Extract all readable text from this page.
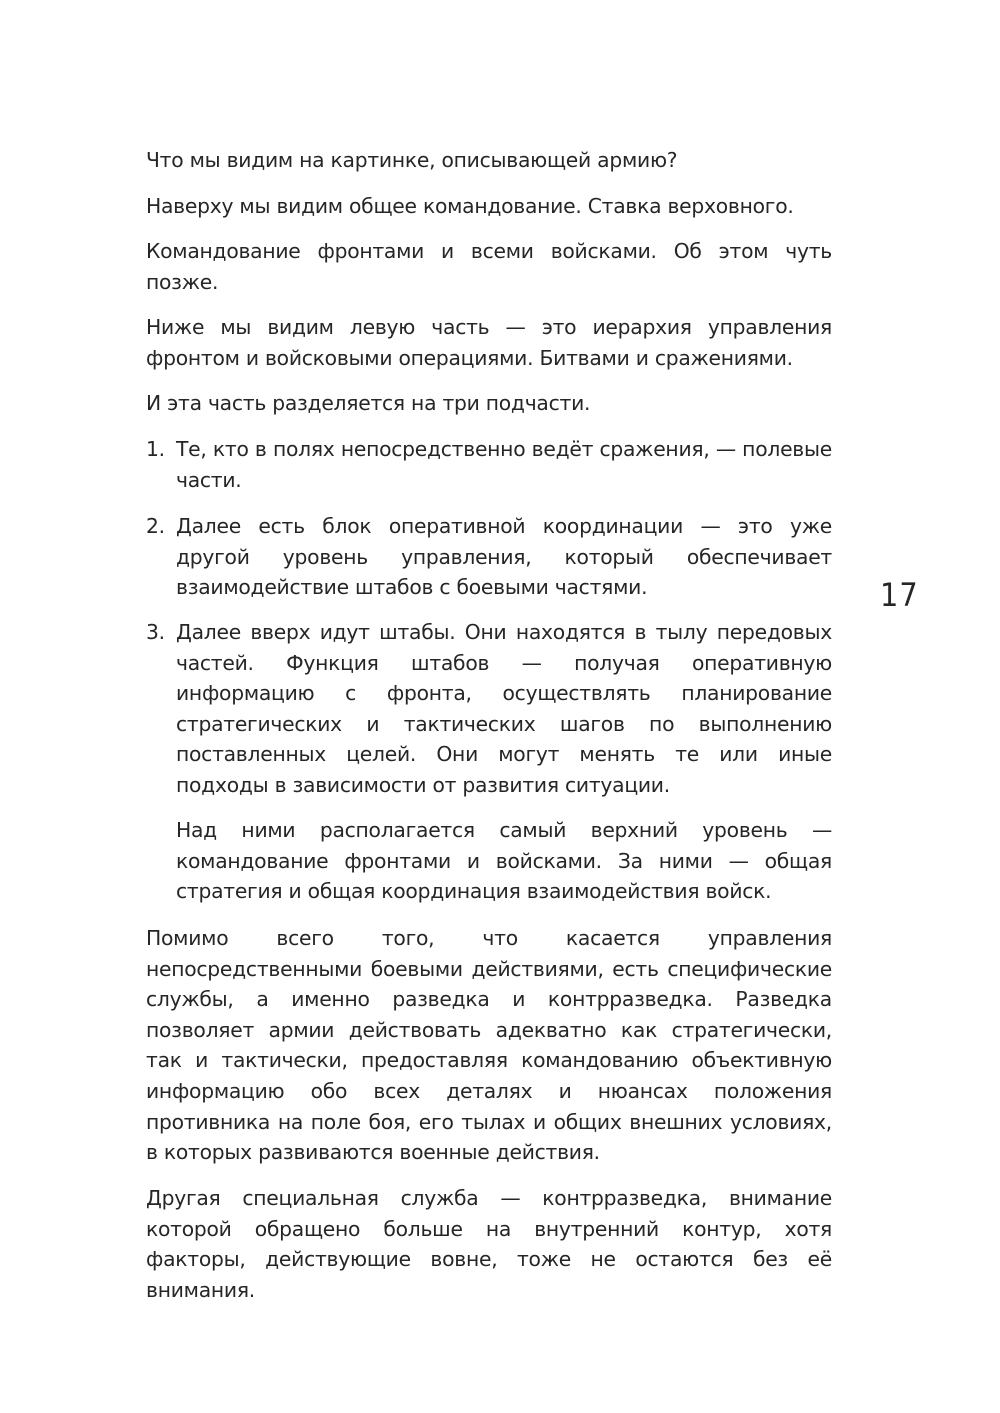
Что мы видим на картинке, описывающей армию?

Наверху мы видим общее командование. Ставка верховного.

Командование фронтами и всеми войсками. Об этом чуть позже.

Ниже мы видим левую часть — это иерархия управления фронтом и войсковыми операциями. Битвами и сражениями.

И эта часть разделяется на три подчасти.

1. Те, кто в полях непосредственно ведёт сражения, — полевые части.
2. Далее есть блок оперативной координации — это уже другой уровень управления, который обеспечивает взаимодействие штабов с боевыми частями.
3. Далее вверх идут штабы. Они находятся в тылу передовых частей. Функция штабов — получая оперативную информацию с фронта, осуществлять планирование стратегических и тактических шагов по выполнению поставленных целей. Они могут менять те или иные подходы в зависимости от развития ситуации.

Над ними располагается самый верхний уровень — командование фронтами и войсками. За ними — общая стратегия и общая координация взаимодействия войск.

Помимо всего того, что касается управления непосредственными боевыми действиями, есть специфические службы, а именно разведка и контрразведка. Разведка позволяет армии действовать адекватно как стратегически, так и тактически, предоставляя командованию объективную информацию обо всех деталях и нюансах положения противника на поле боя, его тылах и общих внешних условиях, в которых развиваются военные действия.

Другая специальная служба — контрразведка, внимание которой обращено больше на внутренний контур, хотя факторы, действующие вовне, тоже не остаются без её внимания.

17
